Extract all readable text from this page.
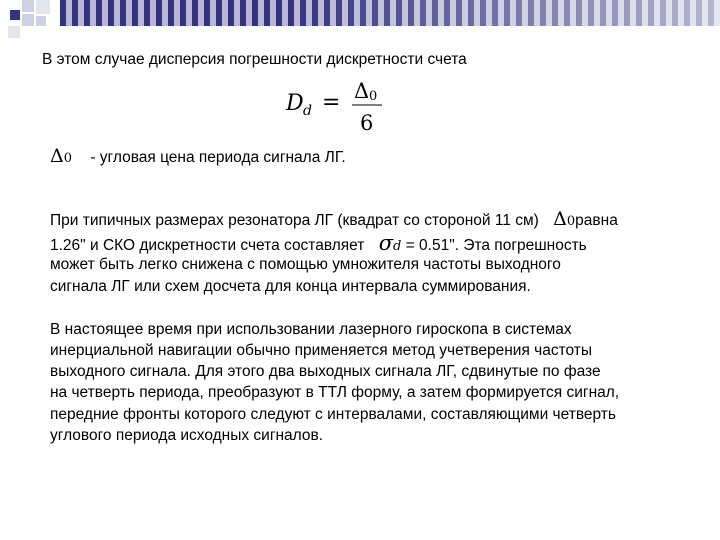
В этом случае дисперсия погрешности дискретности счета
D d = Δ 0
6
Δ0 - угловая цена периода сигнала ЛГ.
При типичных размерах резонатора ЛГ (квадрат со стороной 11 см) Δ0равна
1.26" и СКО дискретности счета составляет σd = 0.51". Эта погрешность
может быть легко снижена с помощью умножителя частоты выходного
сигнала ЛГ или схем досчета для конца интервала суммирования.
В настоящее время при использовании лазерного гироскопа в системах
инерциальной навигации обычно применяется метод учетверения частоты
выходного сигнала. Для этого два выходных сигнала ЛГ, сдвинутые по фазе
на четверть периода, преобразуют в ТТЛ форму, а затем формируется сигнал,
передние фронты которого следуют с интервалами, составляющими четверть
углового периода исходных сигналов.
